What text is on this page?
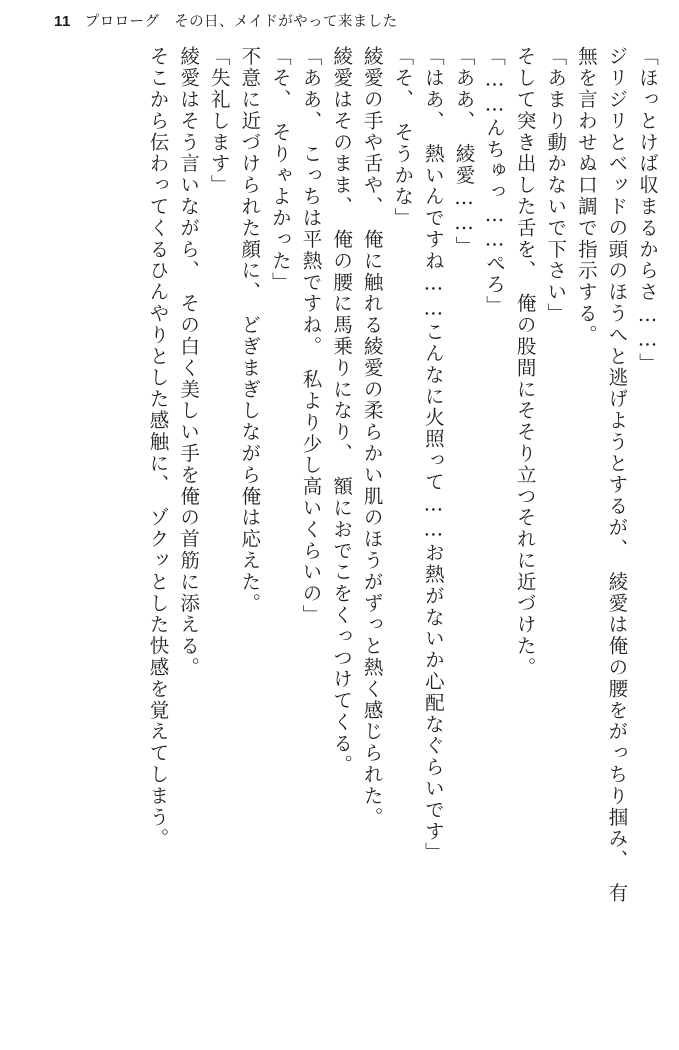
11 プロローグ　その日、メイドがやって来ました
「ほっとけば収まるからさ……」
ジリジリとベッドの頭のほうへと逃げようとするが、　綾愛は俺の腰をがっちり掴み、　有
無を言わせぬ口調で指示する。
「あまり動かないで下さい」
そして突き出した舌を、　俺の股間にそそり立つそれに近づけた。
「……んちゅっ……ぺろ」
「ああ、　綾愛……」
「はあ、　熱いんですね……こんなに火照って……お熱がないか心配なぐらいです」
「そ、　そうかな」
綾愛の手や舌や、　俺に触れる綾愛の柔らかい肌のほうがずっと熱く感じられた。
綾愛はそのまま、　俺の腰に馬乗りになり、　額におでこをくっつけてくる。
「ああ、　こっちは平熱ですね。　私より少し高いくらいの」
「そ、　そりゃよかった」
不意に近づけられた顔に、　どぎまぎしながら俺は応えた。
「失礼します」
綾愛はそう言いながら、　その白く美しい手を俺の首筋に添える。
そこから伝わってくるひんやりとした感触に、　ゾクッとした快感を覚えてしまう。
